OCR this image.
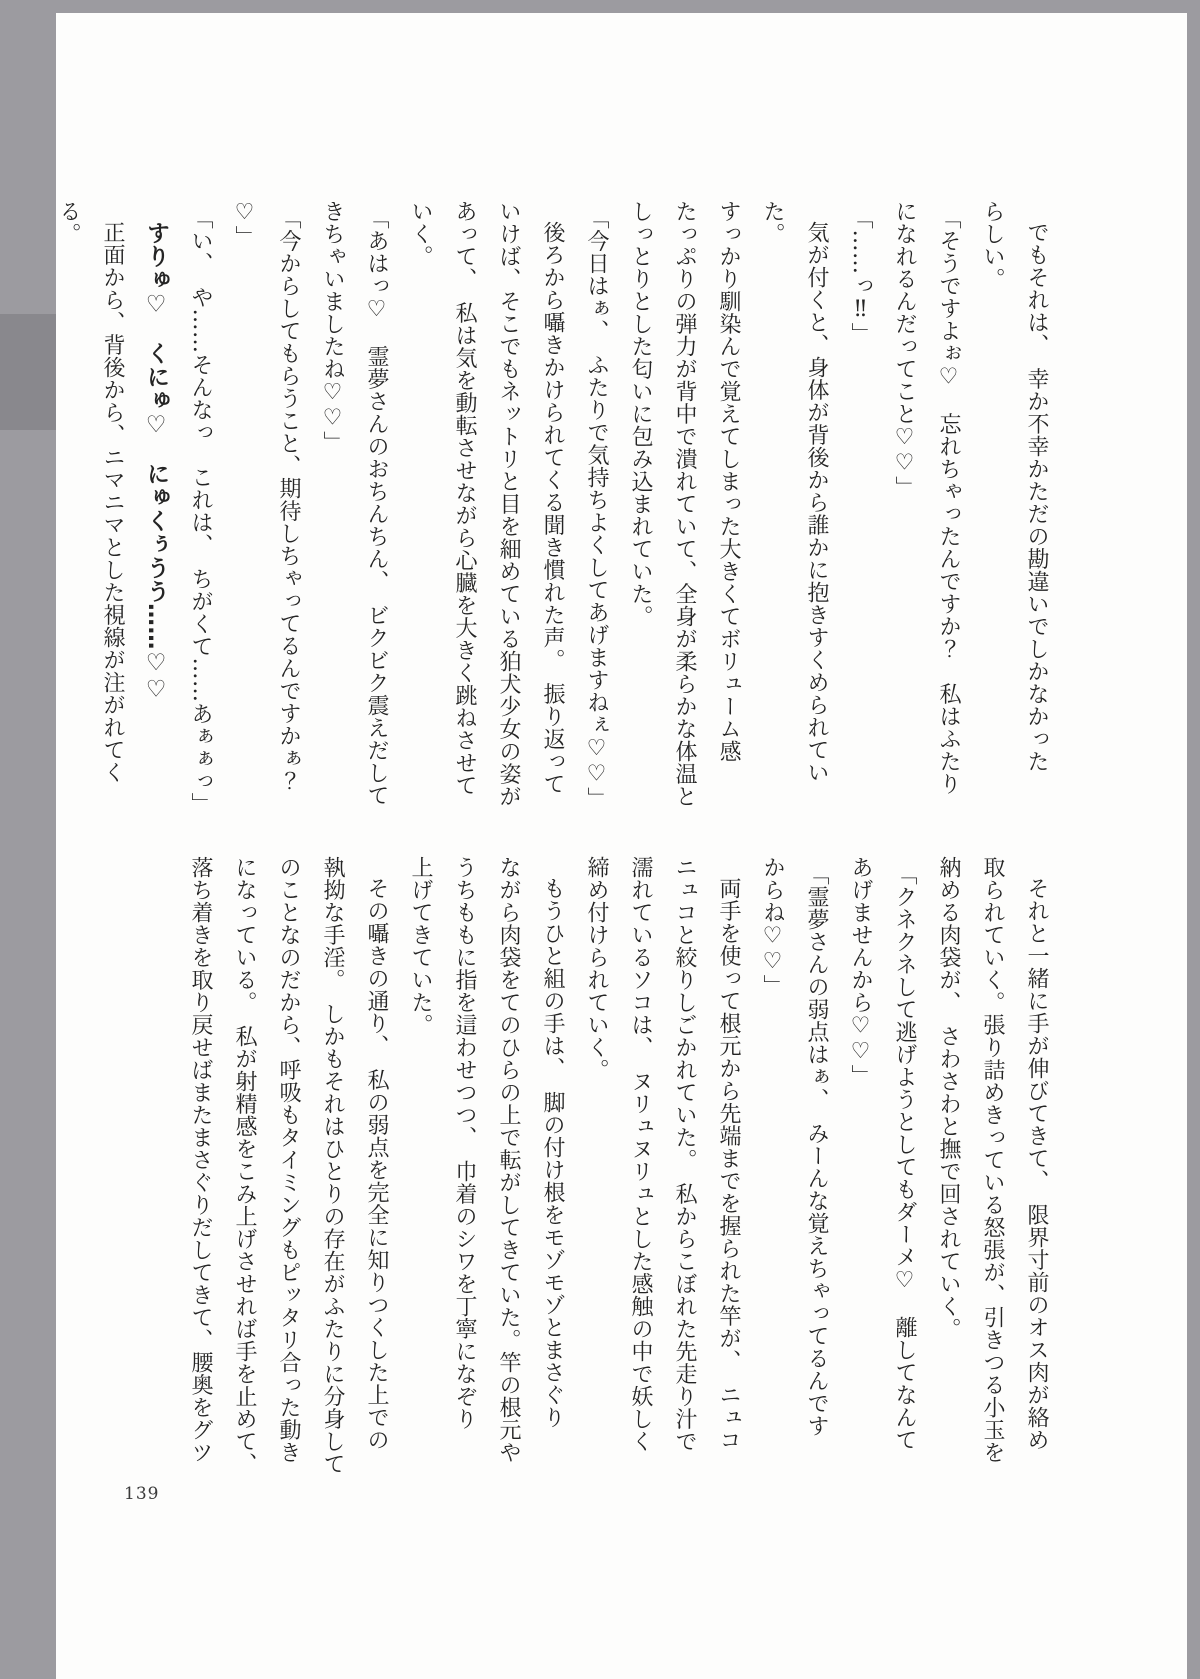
でもそれは、　幸か不幸かただの勘違いでしかなかった

らしい。

「そうですよぉ♡　忘れちゃったんですか？　私はふたり

になれるんだってこと♡♡」

「……っ‼」

気が付くと、身体が背後から誰かに抱きすくめられていた。

すっかり馴染んで覚えてしまった大きくてボリューム感

たっぷりの弾力が背中で潰れていて、全身が柔らかな体温と

しっとりとした匂いに包み込まれていた。

「今日はぁ、　ふたりで気持ちよくしてあげますねぇ♡♡」

後ろから囁きかけられてくる聞き慣れた声。　振り返って

いけば、そこでもネットリと目を細めている狛犬少女の姿が

あって、　私は気を動転させながら心臓を大きく跳ねさせて

いく。

「あはっ♡　霊夢さんのおちんちん、　ビクビク震えだして

きちゃいましたね♡♡」

「今からしてもらうこと、期待しちゃってるんですかぁ？♡」

「い、　や……そんなっ　これは、　ちがくて……あぁぁっ」

すりゅ♡　くにゅ♡　にゅくぅうう……♡♡

正面から、背後から、ニマニマとした視線が注がれてくる。

それと一緒に手が伸びてきて、　限界寸前のオス肉が絡め

取られていく。張り詰めきっている怒張が、引きつる小玉を

納める肉袋が、　さわさわと撫で回されていく。

「クネクネして逃げようとしてもダーメ♡　離してなんて

あげませんから♡♡」

「霊夢さんの弱点はぁ、　みーんな覚えちゃってるんです

からね♡♡」

両手を使って根元から先端までを握られた竿が、　ニュコ

ニュコと絞りしごかれていた。　私からこぼれた先走り汁で

濡れているソコは、　ヌリュヌリュとした感触の中で妖しく

締め付けられていく。

もうひと組の手は、　脚の付け根をモゾモゾとまさぐり

ながら肉袋をてのひらの上で転がしてきていた。竿の根元や

うちももに指を這わせつつ、　巾着のシワを丁寧になぞり

上げてきていた。

その囁きの通り、　私の弱点を完全に知りつくした上での

執拗な手淫。　しかもそれはひとりの存在がふたりに分身して

のことなのだから、呼吸もタイミングもピッタリ合った動き

になっている。　私が射精感をこみ上げさせれば手を止めて、

落ち着きを取り戻せばまたまさぐりだしてきて、腰奥をグツ

139
